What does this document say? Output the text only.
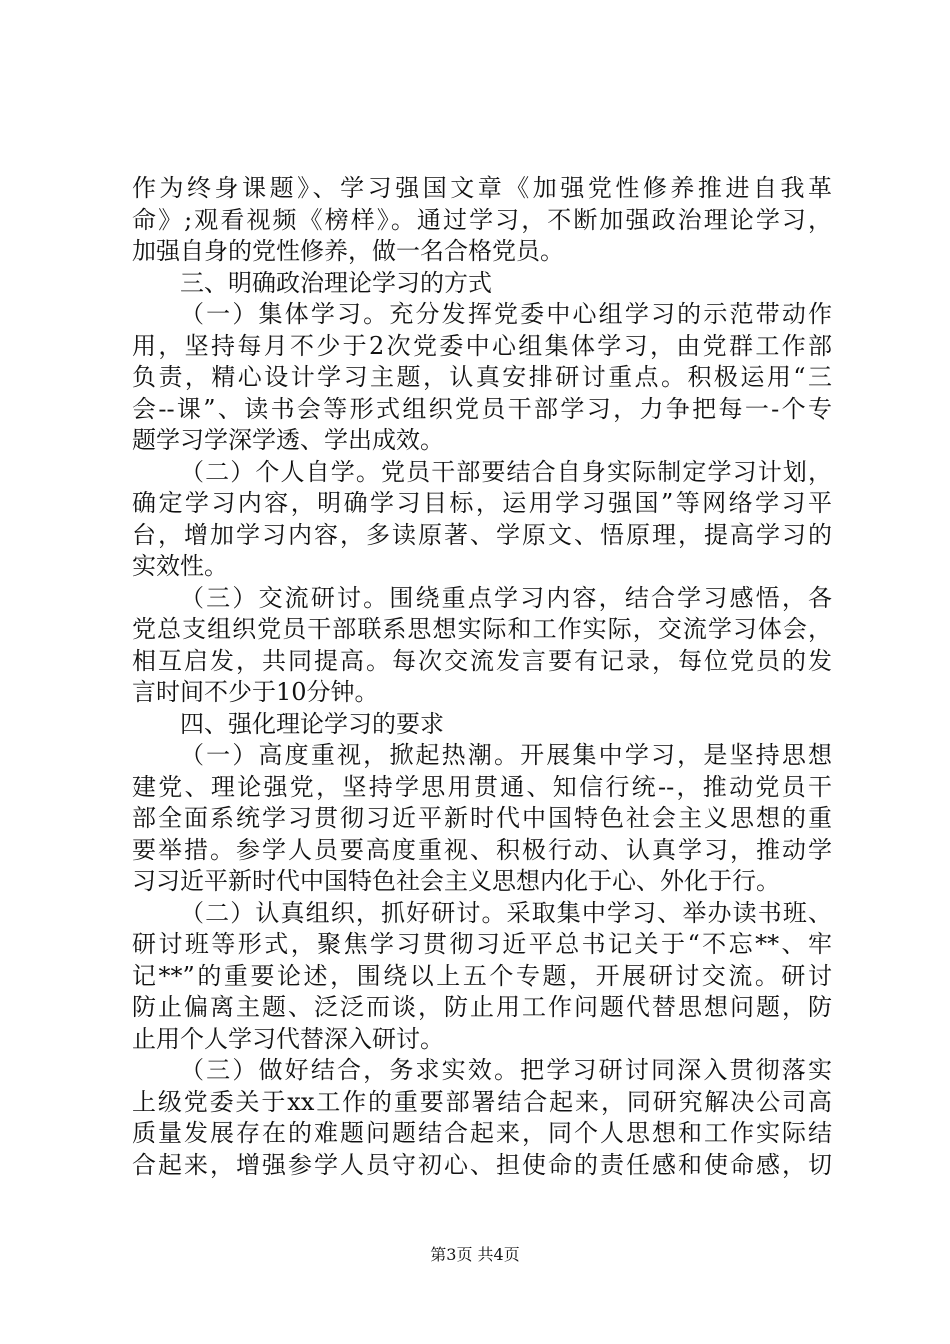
作为终身课题》、学习强国文章《加强党性修养推进自我革
命》;观看视频《榜样》。通过学习，不断加强政治理论学习，
加强自身的党性修养，做一名合格党员。
三、明确政治理论学习的方式
（一）集体学习。充分发挥党委中心组学习的示范带动作
用，坚持每月不少于2次党委中心组集体学习，由党群工作部
负责，精心设计学习主题，认真安排研讨重点。积极运用“三
会--课”、读书会等形式组织党员干部学习，力争把每一-个专
题学习学深学透、学出成效。
（二）个人自学。党员干部要结合自身实际制定学习计划，
确定学习内容，明确学习目标，运用学习强国”等网络学习平
台，增加学习内容，多读原著、学原文、悟原理，提高学习的
实效性。
（三）交流研讨。围绕重点学习内容，结合学习感悟，各
党总支组织党员干部联系思想实际和工作实际，交流学习体会，
相互启发，共同提高。每次交流发言要有记录，每位党员的发
言时间不少于10分钟。
四、强化理论学习的要求
（一）高度重视，掀起热潮。开展集中学习，是坚持思想
建党、理论强党，坚持学思用贯通、知信行统--，推动党员干
部全面系统学习贯彻习近平新时代中国特色社会主义思想的重
要举措。参学人员要高度重视、积极行动、认真学习，推动学
习习近平新时代中国特色社会主义思想内化于心、外化于行。
（二）认真组织，抓好研讨。采取集中学习、举办读书班、
研讨班等形式，聚焦学习贯彻习近平总书记关于“不忘**、牢
记**”的重要论述，围绕以上五个专题，开展研讨交流。研讨
防止偏离主题、泛泛而谈，防止用工作问题代替思想问题，防
止用个人学习代替深入研讨。
（三）做好结合，务求实效。把学习研讨同深入贯彻落实
上级党委关于xx工作的重要部署结合起来，同研究解决公司高
质量发展存在的难题问题结合起来，同个人思想和工作实际结
合起来，增强参学人员守初心、担使命的责任感和使命感，切
第3页 共4页
